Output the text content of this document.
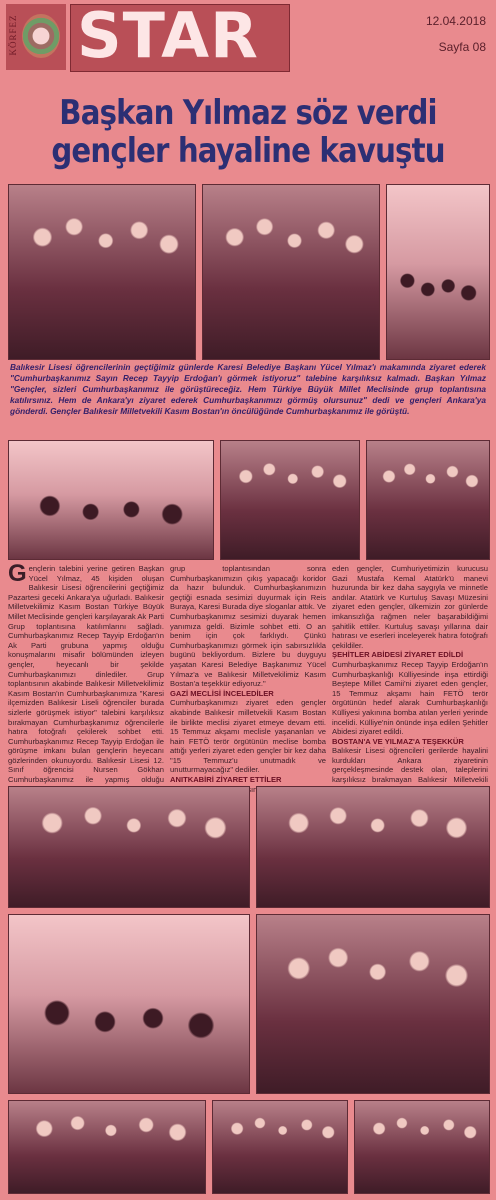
KÖRFEZ STAR	12.04.2018
Sayfa 08
Başkan Yılmaz söz verdi
gençler hayaline kavuştu
Balıkesir Lisesi öğrencilerinin geçtiğimiz günlerde Karesi Belediye Başkanı Yücel Yılmaz'ı makamında ziyaret ederek "Cumhurbaşkanımız Sayın Recep Tayyip Erdoğan'ı görmek istiyoruz" talebine karşılıksız kalmadı. Başkan Yılmaz "Gençler, sizleri Cumhurbaşkanımız ile görüştüreceğiz. Hem Türkiye Büyük Millet Meclisinde grup toplantısına katılırsınız. Hem de Ankara'yı ziyaret ederek Cumhurbaşkanımızı görmüş olursunuz" dedi ve gençleri Ankara'ya gönderdi. Gençler Balıkesir Milletvekili Kasım Bostan'ın öncülüğünde Cumhurbaşkanımız ile görüştü.
G ençlerin talebini yerine getiren Başkan Yücel Yılmaz, 45 kişiden oluşan Balıkesir Lisesi öğrencilerini geçtiğimiz Pazartesi geceki Ankara'ya uğurladı. Balıkesir Milletvekilimiz Kasım Bostan Türkiye Büyük Millet Meclisinde gençleri karşılayarak Ak Parti Grup toplantısına katılımlarını sağladı. Cumhurbaşkanımız Recep Tayyip Erdoğan'ın Ak Parti grubuna yapmış olduğu konuşmalarını misafir bölümünden izleyen gençler, heyecanlı bir şekilde Cumhurbaşkanımızı dinlediler. Grup toplantısının akabinde Balıkesir Milletvekilimiz Kasım Bostan'ın Cumhurbaşkanımıza "Karesi ilçemizden Balıkesir Liseli öğrenciler burada sizlerle görüşmek istiyor" talebini karşılıksız bırakmayan Cumhurbaşkanımız öğrencilerle hatıra fotoğrafı çekilerek sohbet etti. Cumhurbaşkanımız Recep Tayyip Erdoğan ile görüşme imkanı bulan gençlerin heyecanı gözlerinden okunuyordu. Balıkesir Lisesi 12. Sınıf öğrencisi Nursen Gökhan Cumhurbaşkanımız ile yapmış olduğu

grup toplantısından sonra Cumhurbaşkanımızın çıkış yapacağı koridor da hazır bulunduk. Cumhurbaşkanımızın geçtiği esnada sesimizi duyurmak için Reis Buraya, Karesi Burada diye sloganlar attık. Ve Cumhurbaşkanımız sesimizi duyarak hemen yanımıza geldi. Bizimle sohbet etti. O an benim için çok farklıydı. Çünkü Cumhurbaşkanımızı görmek için sabırsızlıkla bugünü bekliyordum. Bizlere bu duyguyu yaşatan Karesi Belediye Başkanımız Yücel Yılmaz'a ve Balıkesir Milletvekilimiz Kasım Bostan'a teşekkür ediyoruz."

GAZİ MECLİSİ İNCELEDİLER

Cumhurbaşkanımızı ziyaret eden gençler akabinde Balıkesir milletvekili Kasım Bostan ile birlikte meclisi ziyaret etmeye devam etti. 15 Temmuz akşamı meclisle yaşananları ve hain FETÖ terör örgütünün meclise bomba attığı yerleri ziyaret eden gençler bir kez daha "15 Temmuz'u unutmadık ve unutturmayacağız" dediler.

ANITKABİRİ ZİYARET ETTİLER

eden gençler, Cumhuriyetimizin kurucusu Gazi Mustafa Kemal Atatürk'ü manevi huzurunda bir kez daha saygıyla ve minnetle andılar. Atatürk ve Kurtuluş Savaşı Müzesini ziyaret eden gençler, ülkemizin zor günlerde imkansızlığa rağmen neler başarabildiğimi şahitlik ettiler. Kurtuluş savaşı yıllarına dair hatırası ve eserleri inceleyerek hatıra fotoğrafı çekildiler.

ŞEHİTLER ABİDESİ ZİYARET EDİLDİ

Cumhurbaşkanımız Recep Tayyip Erdoğan'ın Cumhurbaşkanlığı Külliyesinde inşa ettirdiği Beştepe Millet Camii'ni ziyaret eden gençler, 15 Temmuz akşamı hain FETÖ terör örgütünün hedef alarak Cumhurbaşkanlığı Külliyesi yakınına bomba atılan yerleri yerinde incelidi. Külliye'nin önünde inşa edilen Şehitler Abidesi ziyaret edildi.

BOSTAN'A VE YILMAZ'A TEŞEKKÜR

Balıkesir Lisesi öğrencileri gerilerde hayalini kurdukları Ankara ziyaretinin gerçekleşmesinde destek olan, taleplerini karşılıksız bırakmayan Balıkesir Milletvekili
